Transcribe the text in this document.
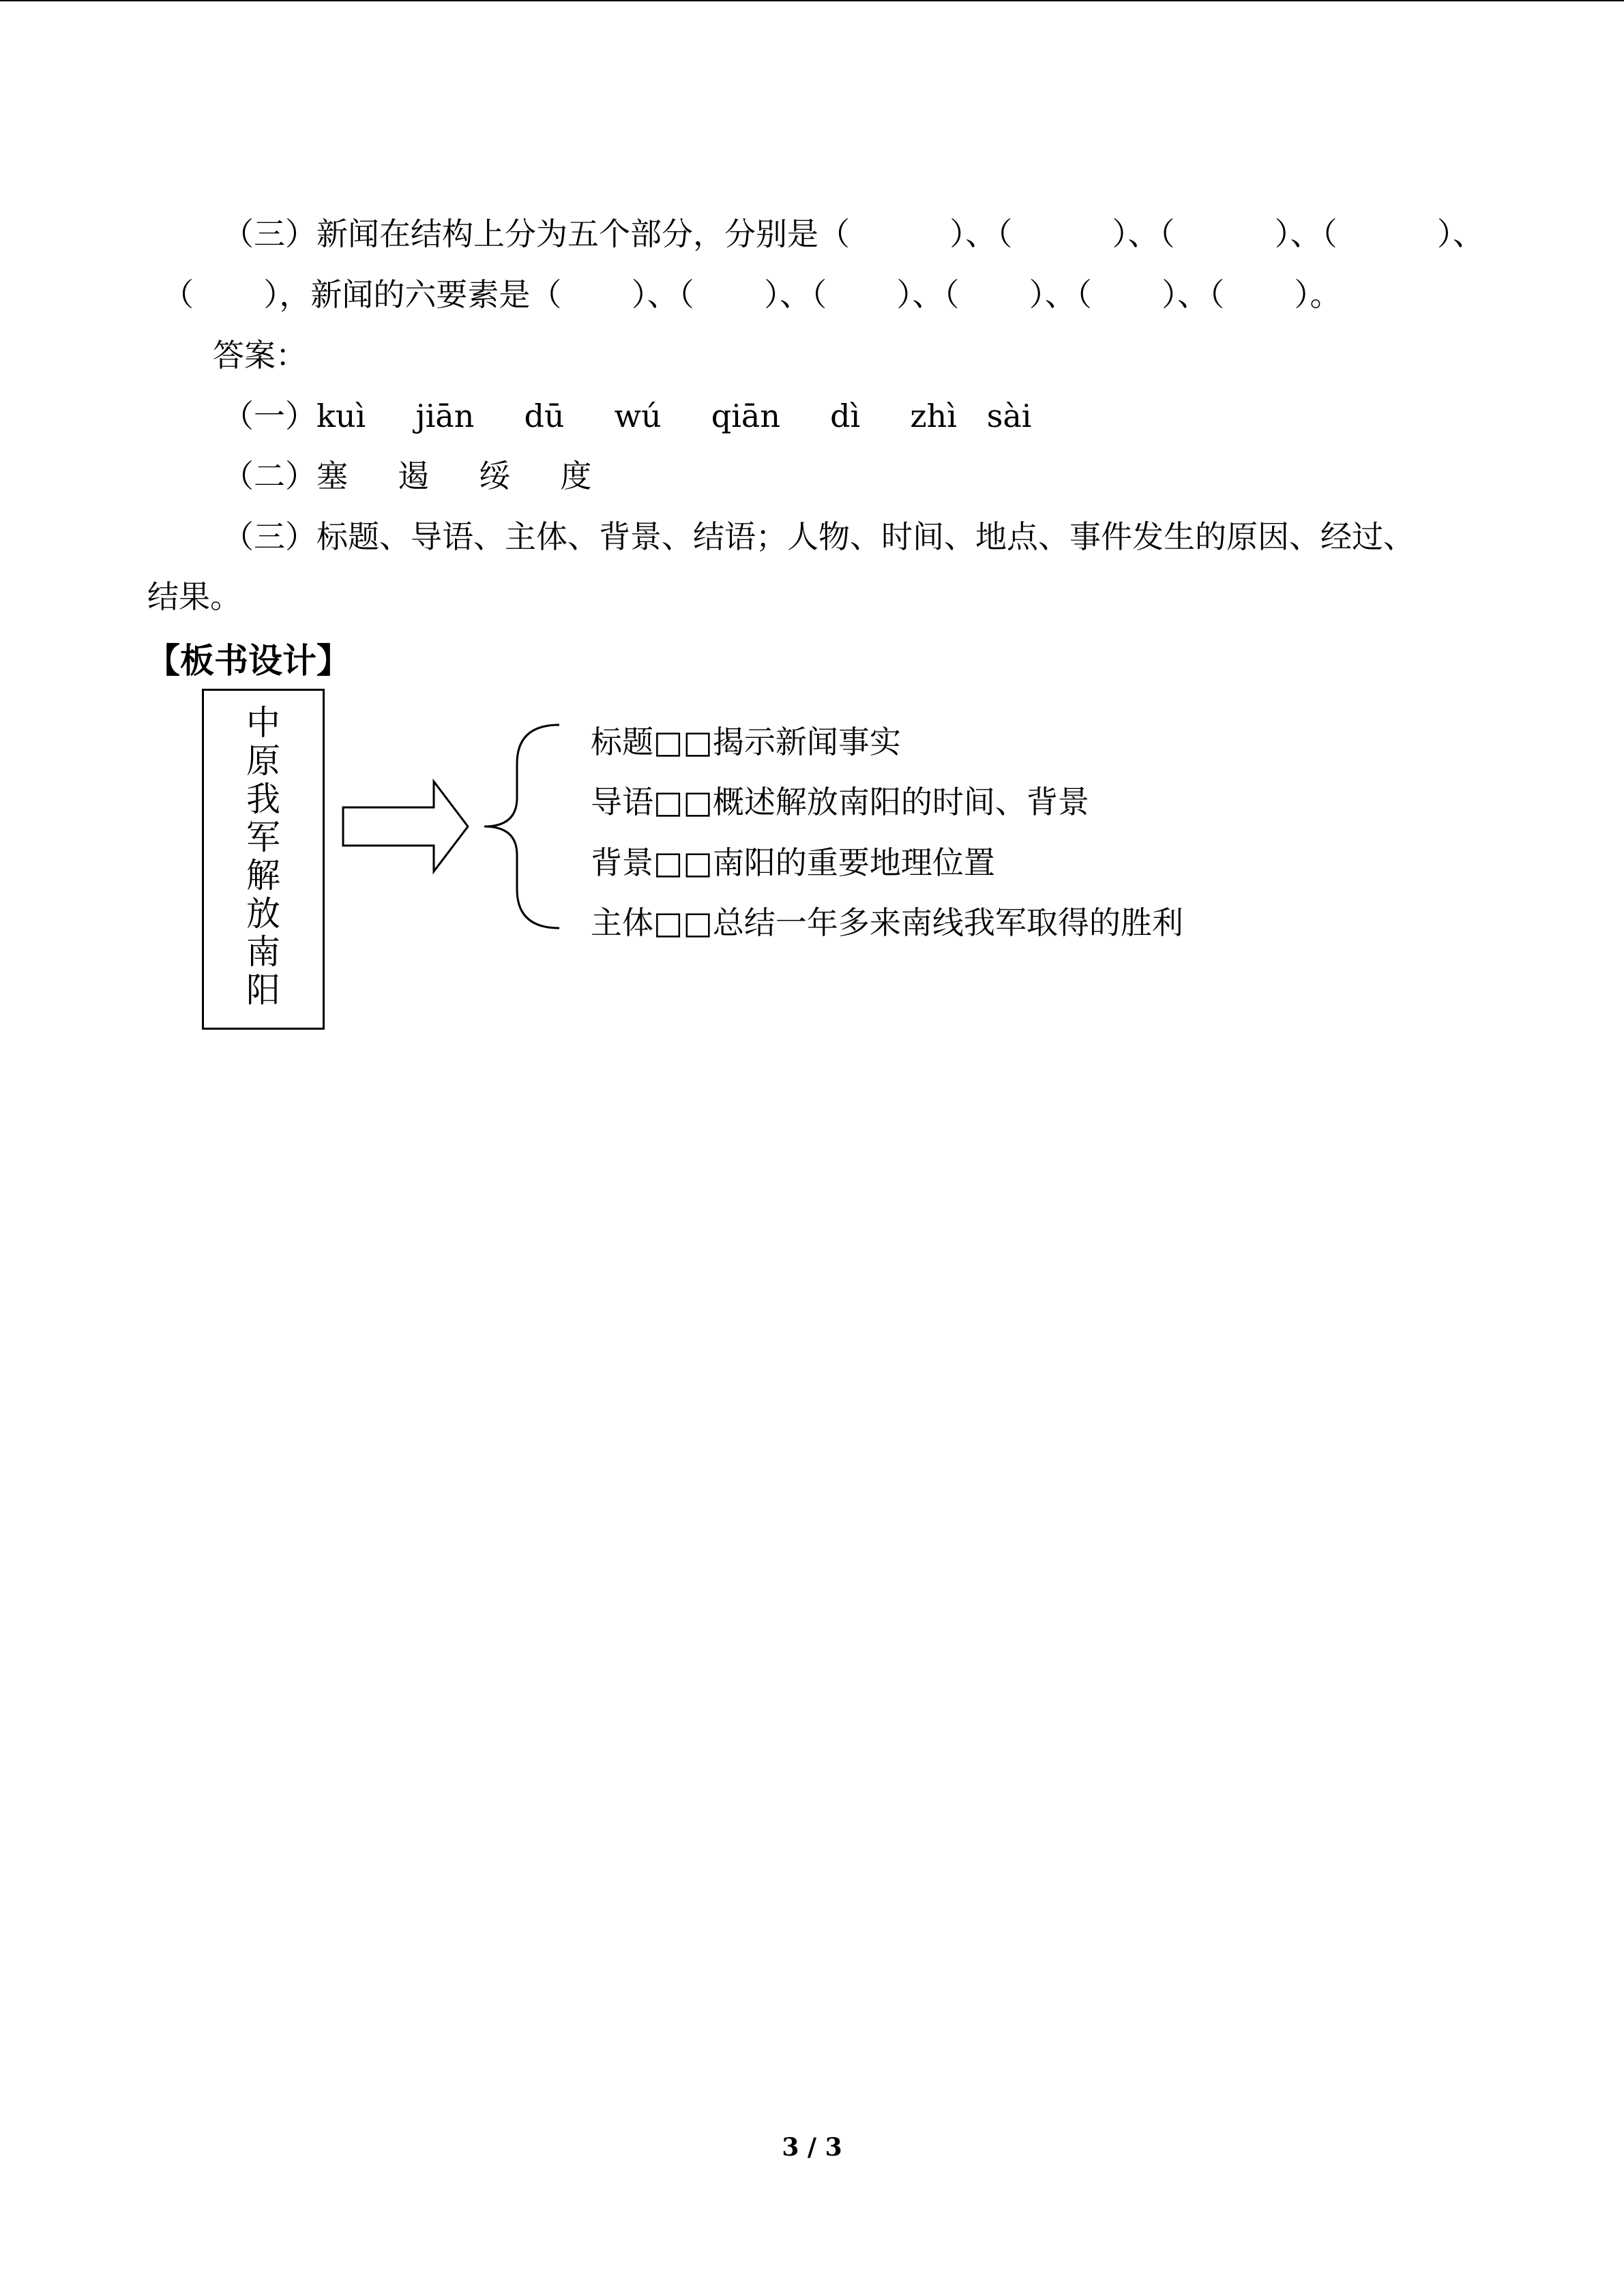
（三）新闻在结构上分为五个部分，分别是（          ）、（          ）、（          ）、（          ）、
（       ），新闻的六要素是（       ）、（       ）、（       ）、（       ）、（       ）、（       ）。
答案：
（一）kuì     jiān     dū     wú     qiān     dì     zhì   sài
（二）塞     遏     绥     度
（三）标题、导语、主体、背景、结语；人物、时间、地点、事件发生的原因、经过、
结果。
【板书设计】
中
原
我
军
解
放
南
阳
标题□□揭示新闻事实
导语□□概述解放南阳的时间、背景
背景□□南阳的重要地理位置
主体□□总结一年多来南线我军取得的胜利
3 / 3
